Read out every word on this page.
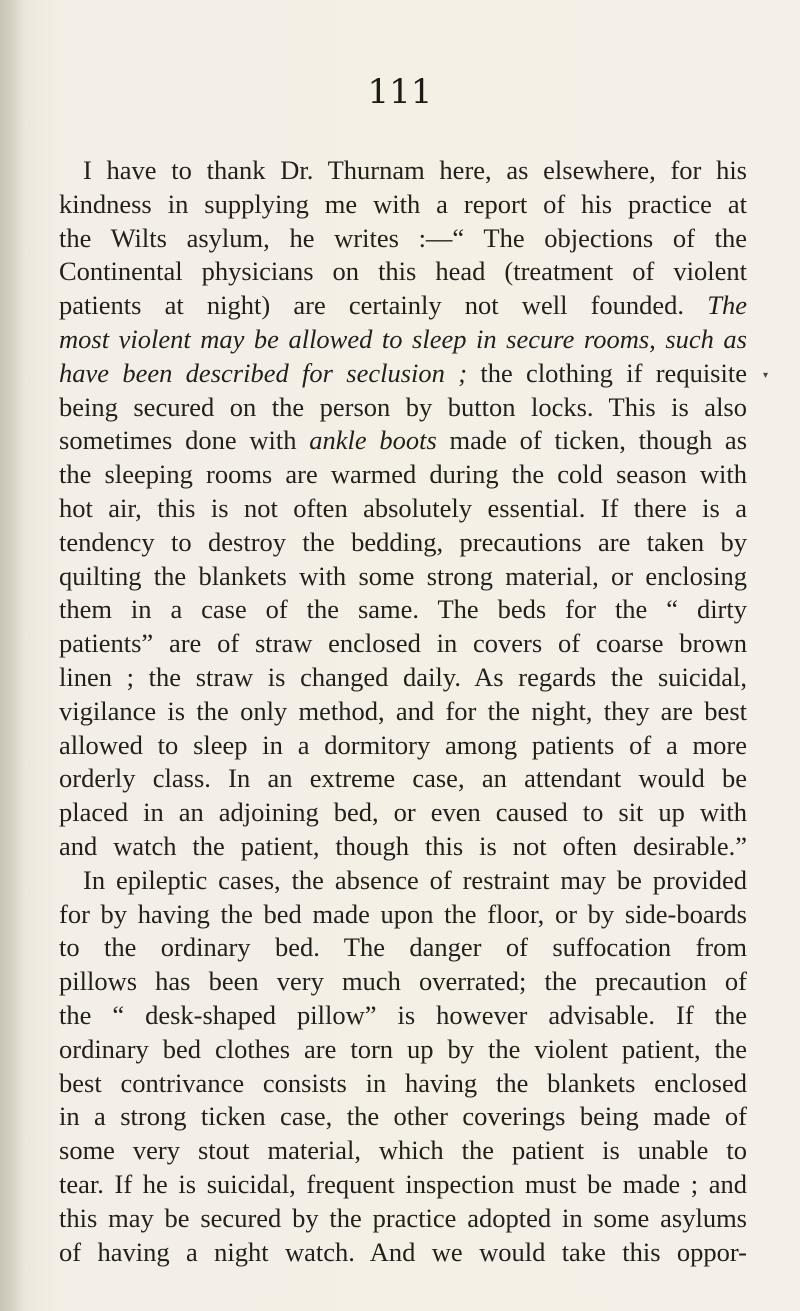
111
▾
I have to thank Dr. Thurnam here, as elsewhere, for his
kindness in supplying me with a report of his practice at
the Wilts asylum, he writes :—“ The objections of the
Continental physicians on this head (treatment of violent
patients at night) are certainly not well founded. The
most violent may be allowed to sleep in secure rooms, such as
have been described for seclusion ; the clothing if requisite
being secured on the person by button locks. This is also
sometimes done with ankle boots made of ticken, though as
the sleeping rooms are warmed during the cold season with
hot air, this is not often absolutely essential. If there is a
tendency to destroy the bedding, precautions are taken by
quilting the blankets with some strong material, or enclosing
them in a case of the same. The beds for the “ dirty
patients” are of straw enclosed in covers of coarse brown
linen ; the straw is changed daily. As regards the suicidal,
vigilance is the only method, and for the night, they are best
allowed to sleep in a dormitory among patients of a more
orderly class. In an extreme case, an attendant would be
placed in an adjoining bed, or even caused to sit up with
and watch the patient, though this is not often desirable.”
In epileptic cases, the absence of restraint may be provided
for by having the bed made upon the floor, or by side-boards
to the ordinary bed. The danger of suffocation from
pillows has been very much overrated; the precaution of
the “ desk-shaped pillow” is however advisable. If the
ordinary bed clothes are torn up by the violent patient, the
best contrivance consists in having the blankets enclosed
in a strong ticken case, the other coverings being made of
some very stout material, which the patient is unable to
tear. If he is suicidal, frequent inspection must be made ; and
this may be secured by the practice adopted in some asylums
of having a night watch. And we would take this oppor-
